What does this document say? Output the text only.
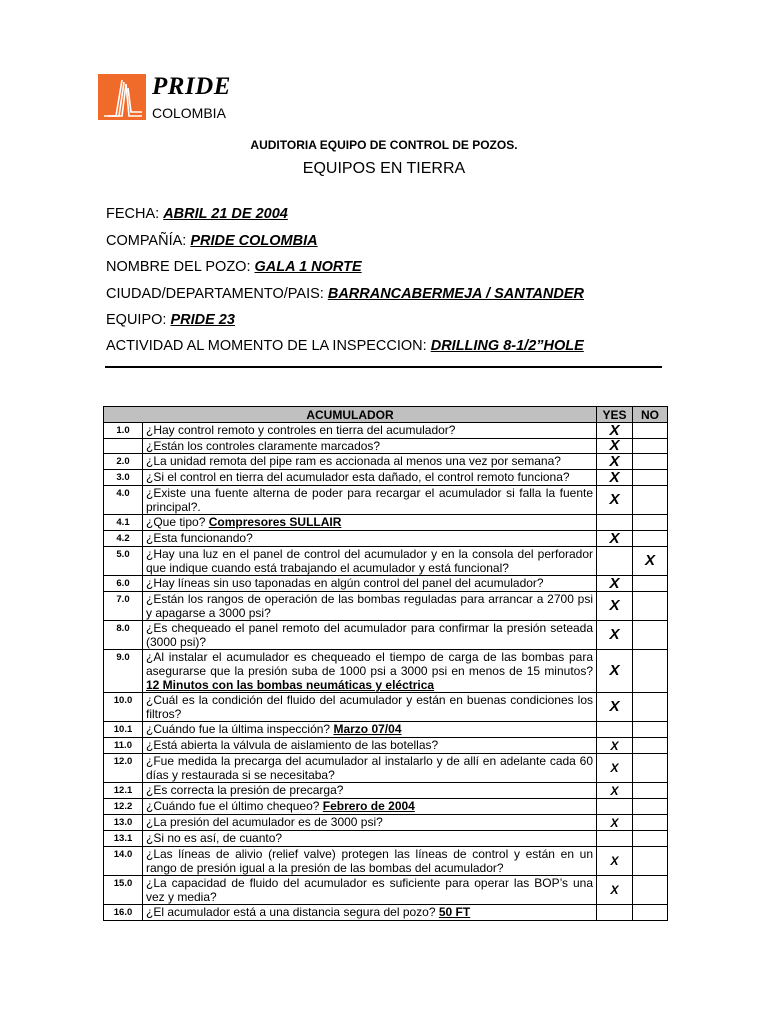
PRIDE
COLOMBIA
AUDITORIA EQUIPO DE CONTROL DE POZOS.
EQUIPOS EN TIERRA
FECHA: ABRIL 21 DE 2004
COMPAÑÍA: PRIDE COLOMBIA
NOMBRE DEL POZO: GALA 1 NORTE
CIUDAD/DEPARTAMENTO/PAIS: BARRANCABERMEJA / SANTANDER
EQUIPO: PRIDE 23
ACTIVIDAD AL MOMENTO DE LA INSPECCION: DRILLING 8-1/2”HOLE
ACUMULADOR		YES	NO
1.0	¿Hay control remoto y controles en tierra del acumulador?	X	
	¿Están los controles claramente marcados?	X	
2.0	¿La unidad remota del pipe ram es accionada al menos una vez por semana?	X	
3.0	¿Si el control en tierra del acumulador esta dañado, el control remoto funciona?	X	
4.0	¿Existe una fuente alterna de poder para recargar el acumulador si falla la fuente principal?.	X	
4.1	¿Que tipo? Compresores SULLAIR		
4.2	¿Esta funcionando?	X	
5.0	¿Hay una luz en el panel de control del acumulador y en la consola del perforador que indique cuando está trabajando el acumulador y está funcional?		X
6.0	¿Hay líneas sin uso taponadas en algún control del panel del acumulador?	X	
7.0	¿Están los rangos de operación de las bombas reguladas para arrancar a 2700 psi y apagarse a 3000 psi?	X	
8.0	¿Es chequeado el panel remoto del acumulador para confirmar la presión seteada (3000 psi)?	X	
9.0	¿Al instalar el acumulador es chequeado el tiempo de carga de las bombas para asegurarse que la presión suba de 1000 psi a 3000 psi en menos de 15 minutos? 12 Minutos con las bombas neumáticas y eléctrica	X	
10.0	¿Cuál es la condición del fluido del acumulador y están en buenas condiciones los filtros?	X	
10.1	¿Cuándo fue la última inspección? Marzo 07/04		
11.0	¿Está abierta la válvula de aislamiento de las botellas?	X	
12.0	¿Fue medida la precarga del acumulador al instalarlo y de allí en adelante cada 60 días y restaurada si se necesitaba?	X	
12.1	¿Es correcta la presión de precarga?	X	
12.2	¿Cuándo fue el último chequeo? Febrero de 2004		
13.0	¿La presión del acumulador es de 3000 psi?	X	
13.1	¿Si no es así, de cuanto?		
14.0	¿Las líneas de alivio (relief valve) protegen las líneas de control y están en un rango de presión igual a la presión de las bombas del acumulador?	X	
15.0	¿La capacidad de fluido del acumulador es suficiente para operar las BOP’s una vez y media?	X	
16.0	¿El acumulador está a una distancia segura del pozo? 50 FT		
